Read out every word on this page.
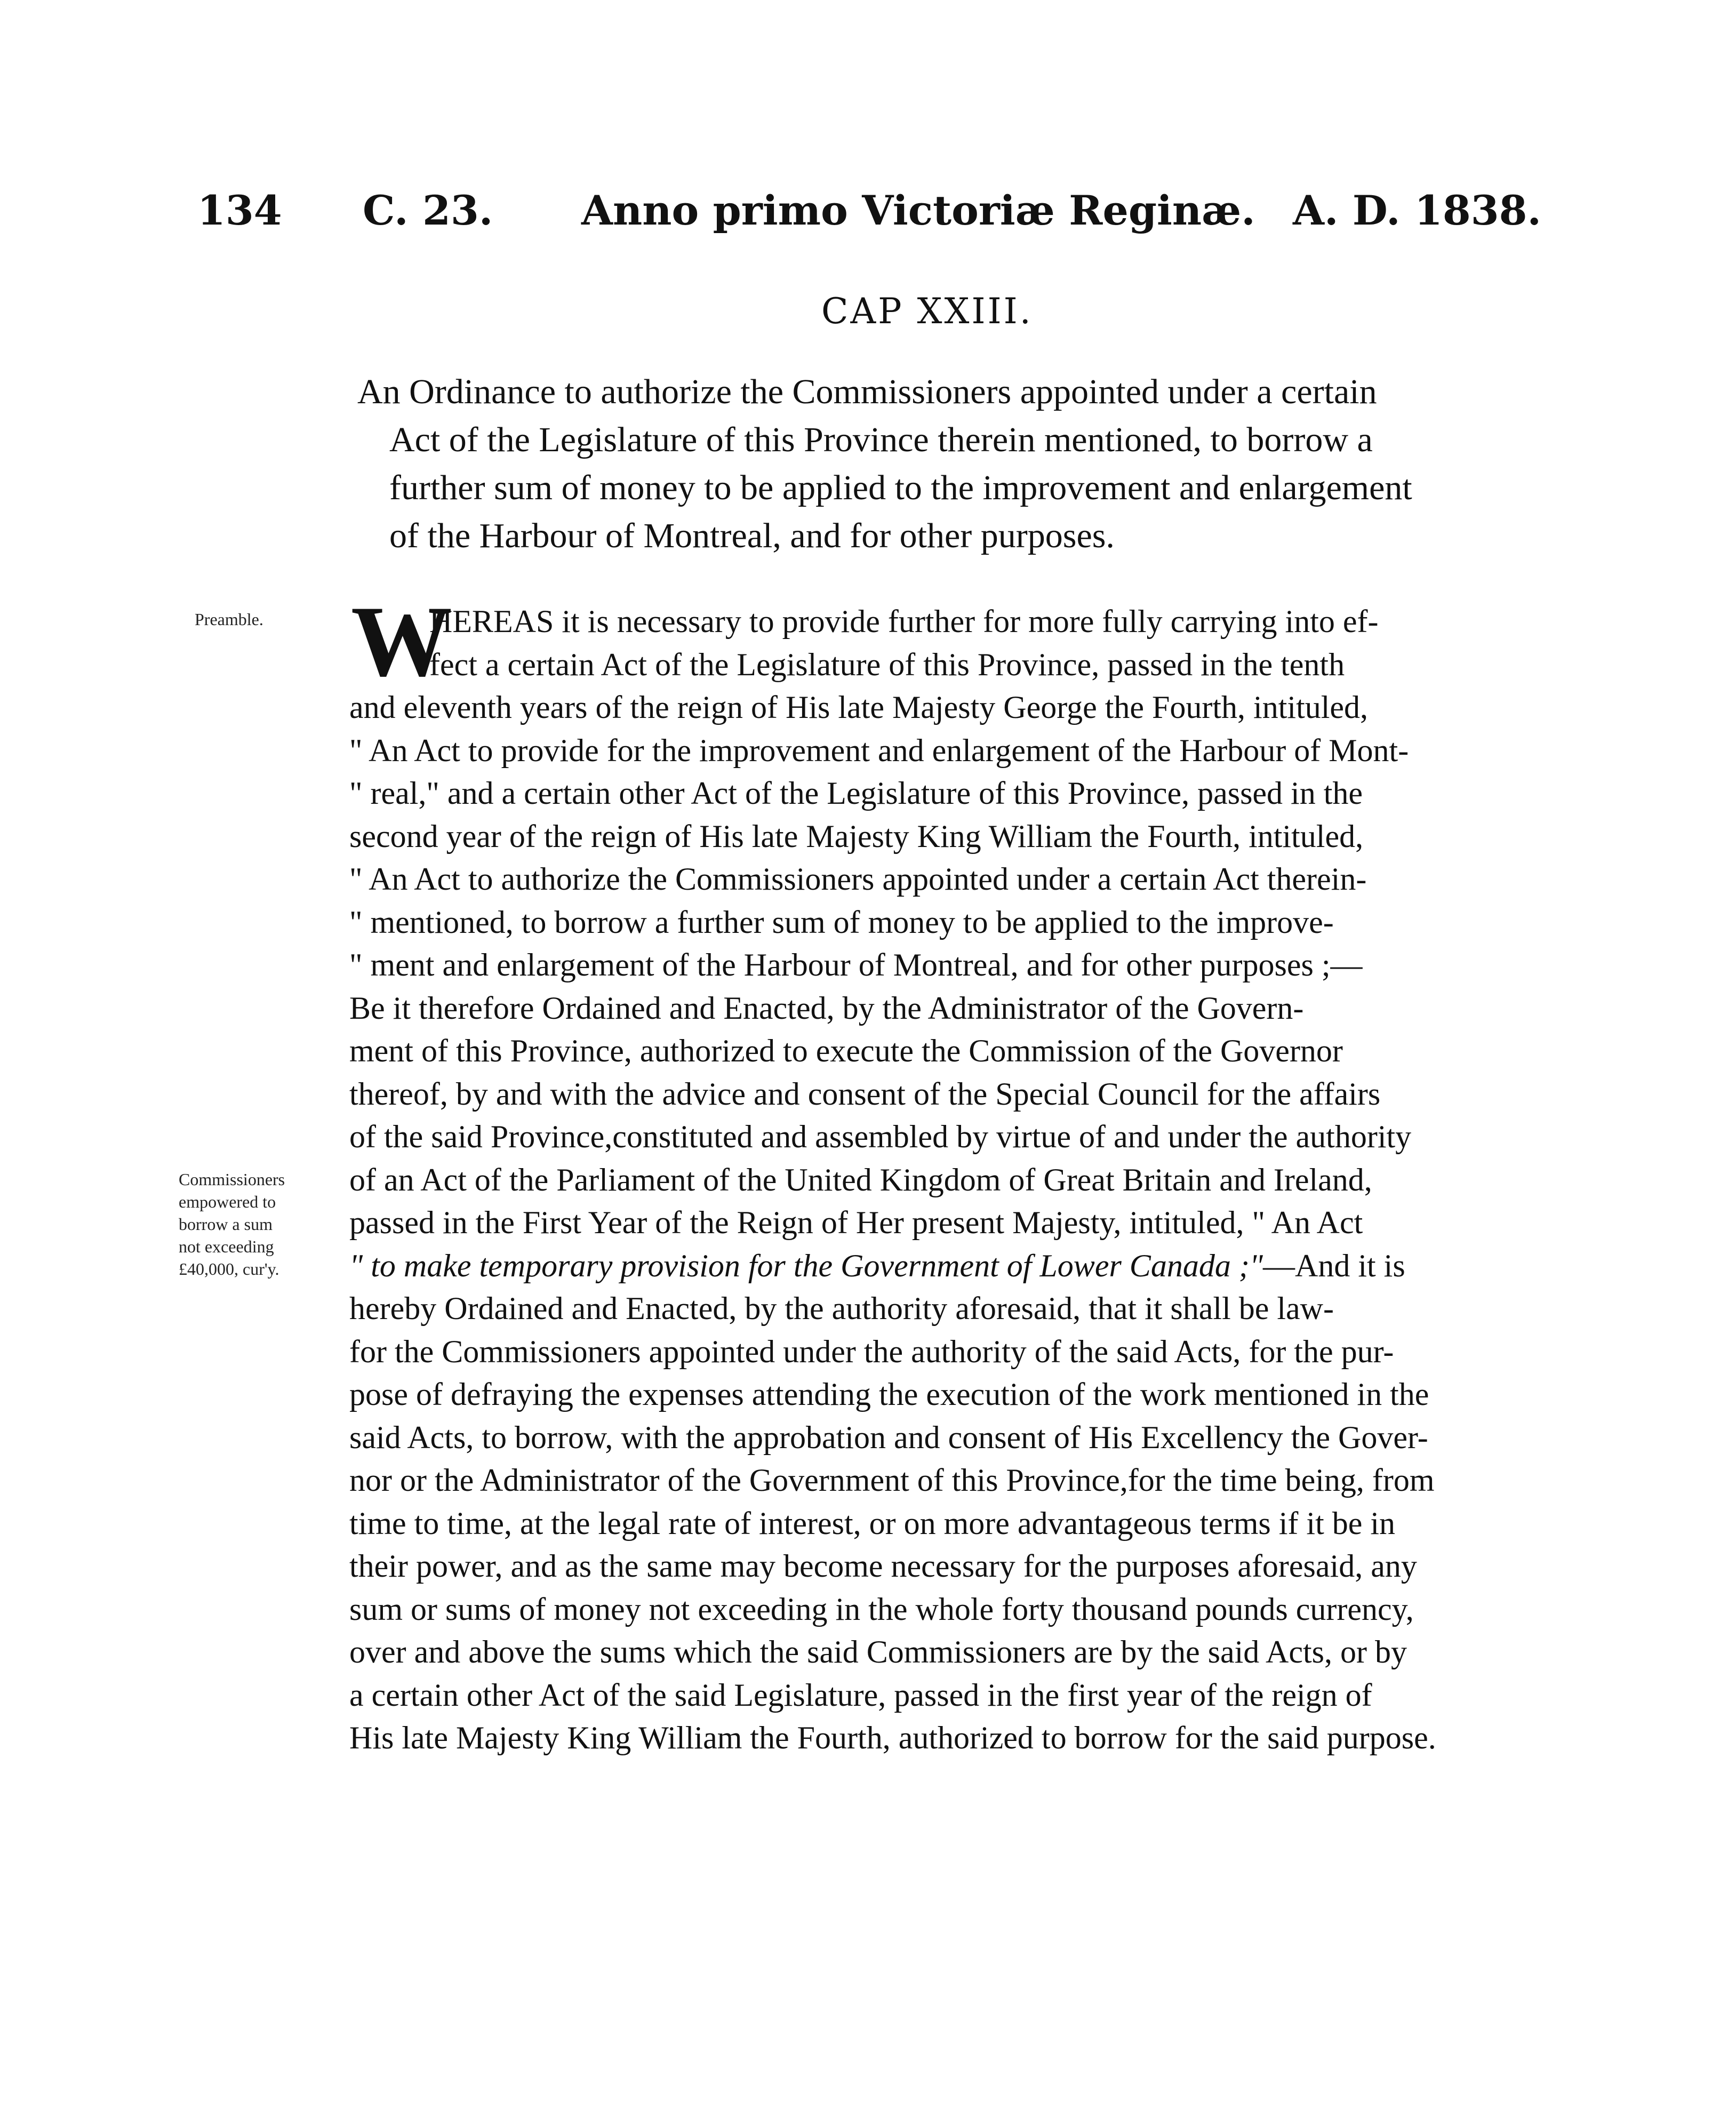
134 C. 23. Anno primo Victoriæ Reginæ. A. D. 1838.
CAP XXIII.
An Ordinance to authorize the Commissioners appointed under a certain
Act of the Legislature of this Province therein mentioned, to borrow a
further sum of money to be applied to the improvement and enlargement
of the Harbour of Montreal, and for other purposes.
Preamble.
Commissioners
empowered to
borrow a sum
not exceeding
£40,000, cur'y.
W
HEREAS it is necessary to provide further for more fully carrying into ef-
fect a certain Act of the Legislature of this Province, passed in the tenth
and eleventh years of the reign of His late Majesty George the Fourth, intituled,
" An Act to provide for the improvement and enlargement of the Harbour of Mont-
" real," and a certain other Act of the Legislature of this Province, passed in the
second year of the reign of His late Majesty King William the Fourth, intituled,
" An Act to authorize the Commissioners appointed under a certain Act therein-
" mentioned, to borrow a further sum of money to be applied to the improve-
" ment and enlargement of the Harbour of Montreal, and for other purposes ;—
Be it therefore Ordained and Enacted, by the Administrator of the Govern-
ment of this Province, authorized to execute the Commission of the Governor
thereof, by and with the advice and consent of the Special Council for the affairs
of the said Province,constituted and assembled by virtue of and under the authority
of an Act of the Parliament of the United Kingdom of Great Britain and Ireland,
passed in the First Year of the Reign of Her present Majesty, intituled, " An Act
" to make temporary provision for the Government of Lower Canada ;"—And it is
hereby Ordained and Enacted, by the authority aforesaid, that it shall be law-
for the Commissioners appointed under the authority of the said Acts, for the pur-
pose of defraying the expenses attending the execution of the work mentioned in the
said Acts, to borrow, with the approbation and consent of His Excellency the Gover-
nor or the Administrator of the Government of this Province,for the time being, from
time to time, at the legal rate of interest, or on more advantageous terms if it be in
their power, and as the same may become necessary for the purposes aforesaid, any
sum or sums of money not exceeding in the whole forty thousand pounds currency,
over and above the sums which the said Commissioners are by the said Acts, or by
a certain other Act of the said Legislature, passed in the first year of the reign of
His late Majesty King William the Fourth, authorized to borrow for the said purpose.
